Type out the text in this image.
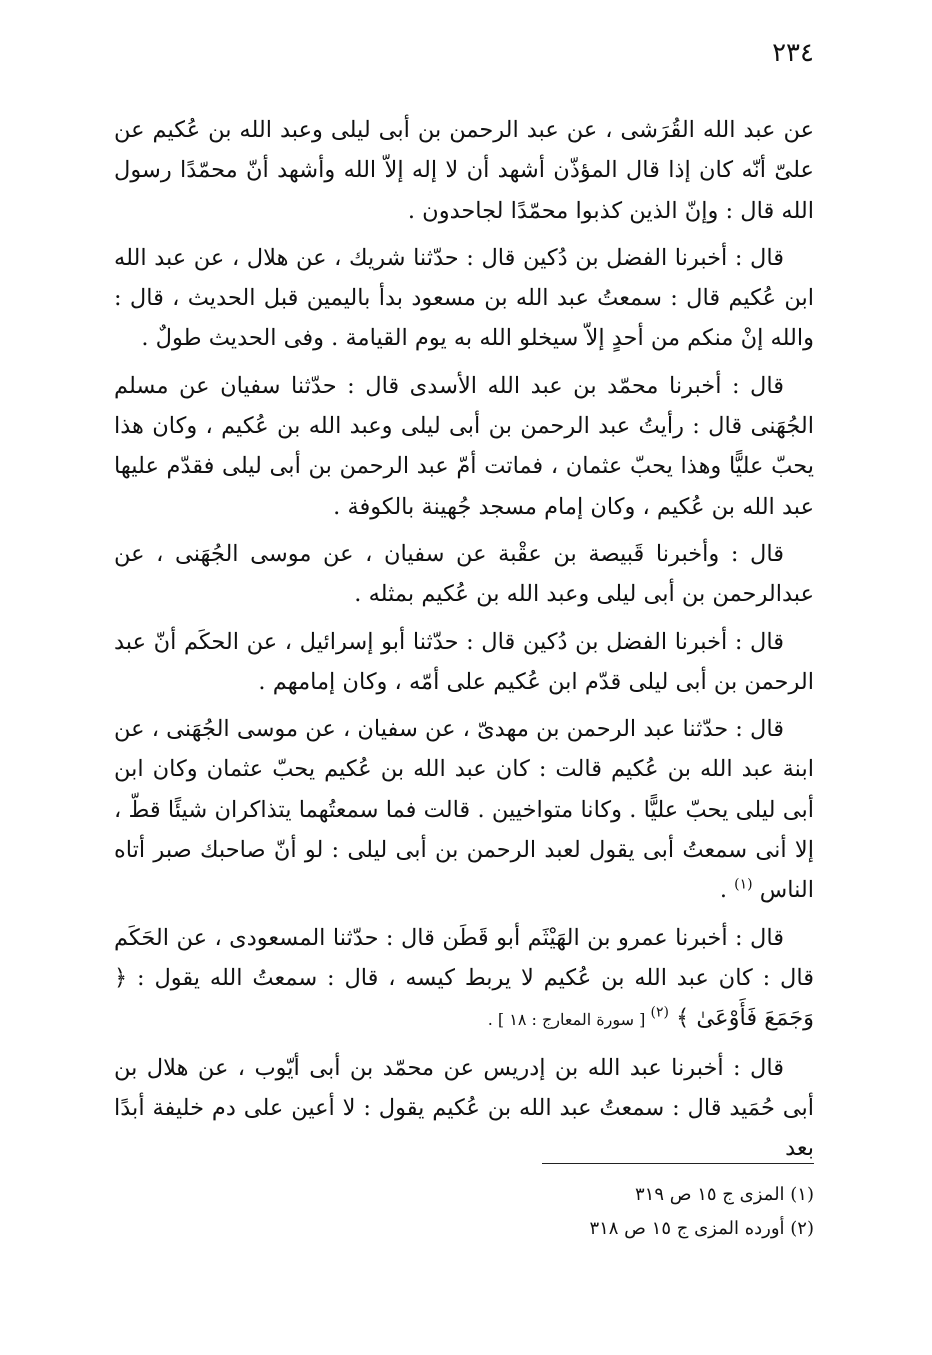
٢٣٤

عن عبد الله القُرَشى ، عن عبد الرحمن بن أبى ليلى وعبد الله بن عُكيم عن علىّ أنّه كان إذا قال المؤذّن أشهد أن لا إله إلاّ الله وأشهد أنّ محمّدًا رسول الله قال : وإنّ الذين كذبوا محمّدًا لجاحدون .

قال : أخبرنا الفضل بن دُكين قال : حدّثنا شريك ، عن هلال ، عن عبد الله ابن عُكيم قال : سمعتُ عبد الله بن مسعود بدأ باليمين قبل الحديث ، قال : والله إنْ منكم من أحدٍ إلاّ سيخلو الله به يوم القيامة . وفى الحديث طولٌ .

قال : أخبرنا محمّد بن عبد الله الأسدى قال : حدّثنا سفيان عن مسلم الجُهَنى قال : رأيتُ عبد الرحمن بن أبى ليلى وعبد الله بن عُكيم ، وكان هذا يحبّ عليًّا وهذا يحبّ عثمان ، فماتت أمّ عبد الرحمن بن أبى ليلى فقدّم عليها عبد الله بن عُكيم ، وكان إمام مسجد جُهينة بالكوفة .

قال : وأخبرنا قَبيصة بن عقْبة عن سفيان ، عن موسى الجُهَنى ، عن عبدالرحمن بن أبى ليلى وعبد الله بن عُكيم بمثله .

قال : أخبرنا الفضل بن دُكين قال : حدّثنا أبو إسرائيل ، عن الحكَم أنّ عبد الرحمن بن أبى ليلى قدّم ابن عُكيم على أمّه ، وكان إمامهم .

قال : حدّثنا عبد الرحمن بن مهدىّ ، عن سفيان ، عن موسى الجُهَنى ، عن ابنة عبد الله بن عُكيم قالت : كان عبد الله بن عُكيم يحبّ عثمان وكان ابن أبى ليلى يحبّ عليًّا . وكانا متواخيين . قالت فما سمعتُهما يتذاكران شيئًا قطّ ، إلا أنى سمعتُ أبى يقول لعبد الرحمن بن أبى ليلى : لو أنّ صاحبك صبر أتاه الناس $^{(١)}$ .

قال : أخبرنا عمرو بن الهَيْثَم أبو قَطَن قال : حدّثنا المسعودى ، عن الحَكَم قال : كان عبد الله بن عُكيم لا يربط كيسه ، قال : سمعتُ الله يقول : ﴿ وَجَمَعَ فَأَوْعَىٰ ﴾ $^{(٢)}$ [ سورة المعارج : ١٨ ] .

قال : أخبرنا عبد الله بن إدريس عن محمّد بن أبى أيّوب ، عن هلال بن أبى حُمَيد قال : سمعتُ عبد الله بن عُكيم يقول : لا أعين على دم خليفة أبدًا بعد

(١) المزى ج ١٥ ص ٣١٩
(٢) أورده المزى ج ١٥ ص ٣١٨
